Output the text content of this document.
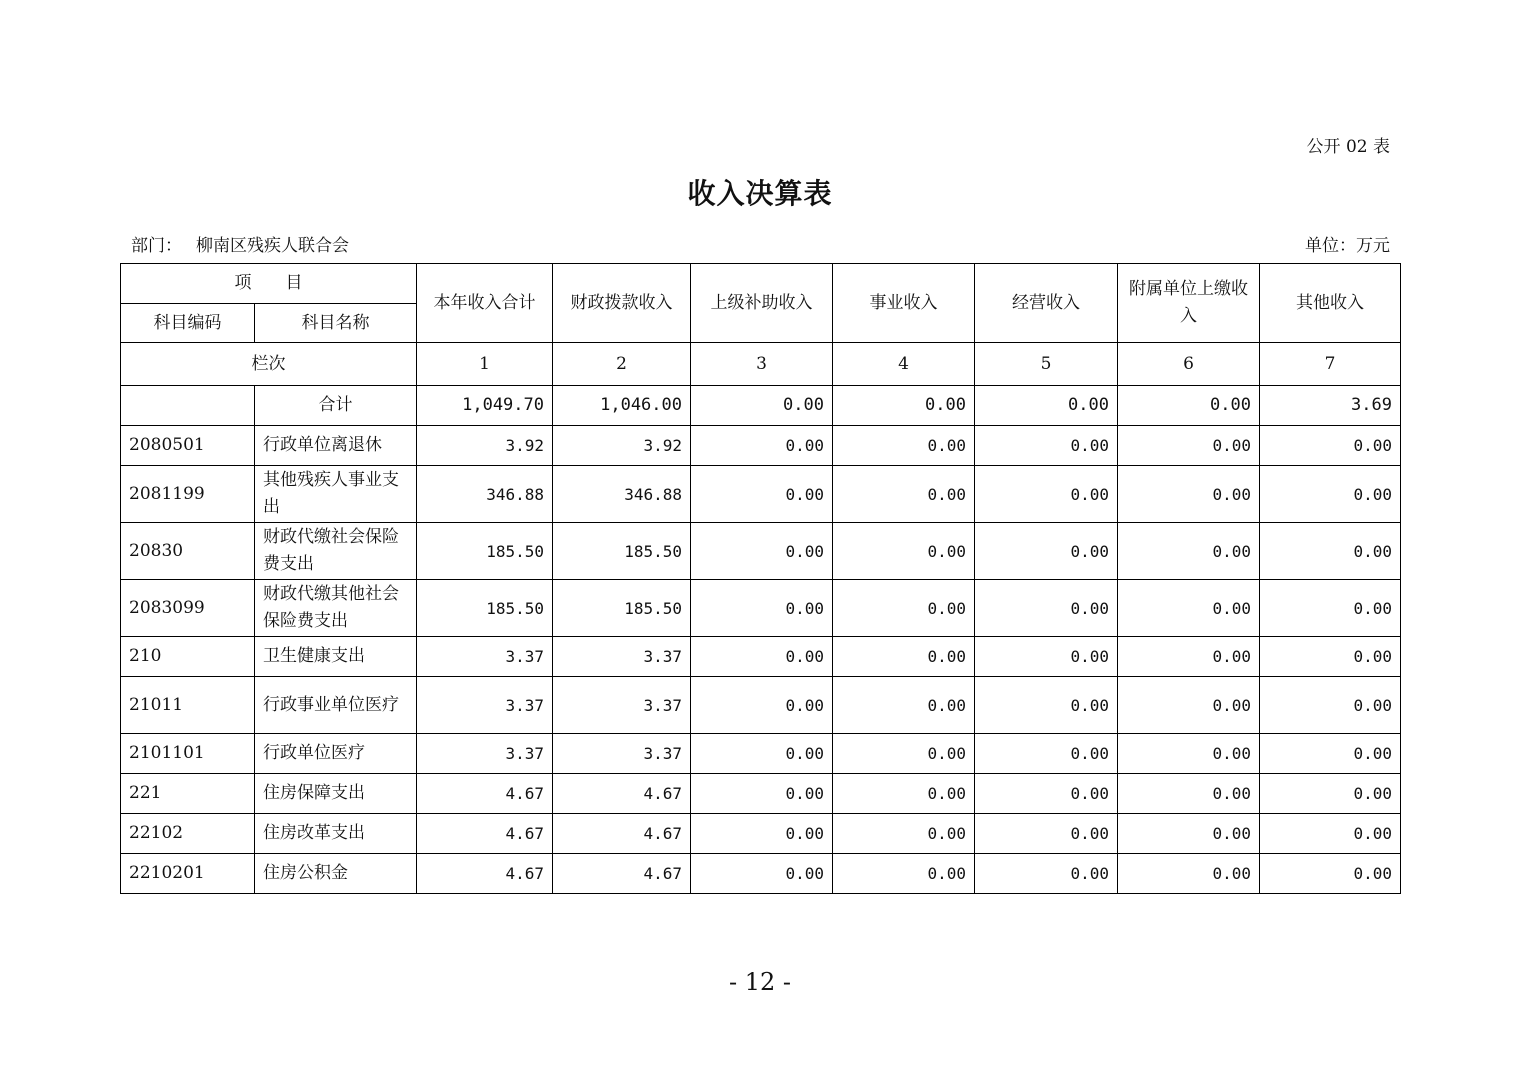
公开 02 表
收入决算表
部门： 柳南区残疾人联合会	单位：万元
项　　目		本年收入合计	财政拨款收入	上级补助收入	事业收入	经营收入	附属单位上缴收入	其他收入
科目编码	科目名称							
栏次		1	2	3	4	5	6	7
	合计	1,049.70	1,046.00	0.00	0.00	0.00	0.00	3.69
2080501	行政单位离退休	3.92	3.92	0.00	0.00	0.00	0.00	0.00
2081199	其他残疾人事业支出	346.88	346.88	0.00	0.00	0.00	0.00	0.00
20830	财政代缴社会保险费支出	185.50	185.50	0.00	0.00	0.00	0.00	0.00
2083099	财政代缴其他社会保险费支出	185.50	185.50	0.00	0.00	0.00	0.00	0.00
210	卫生健康支出	3.37	3.37	0.00	0.00	0.00	0.00	0.00
21011	行政事业单位医疗	3.37	3.37	0.00	0.00	0.00	0.00	0.00
2101101	行政单位医疗	3.37	3.37	0.00	0.00	0.00	0.00	0.00
221	住房保障支出	4.67	4.67	0.00	0.00	0.00	0.00	0.00
22102	住房改革支出	4.67	4.67	0.00	0.00	0.00	0.00	0.00
2210201	住房公积金	4.67	4.67	0.00	0.00	0.00	0.00	0.00
- 12 -
